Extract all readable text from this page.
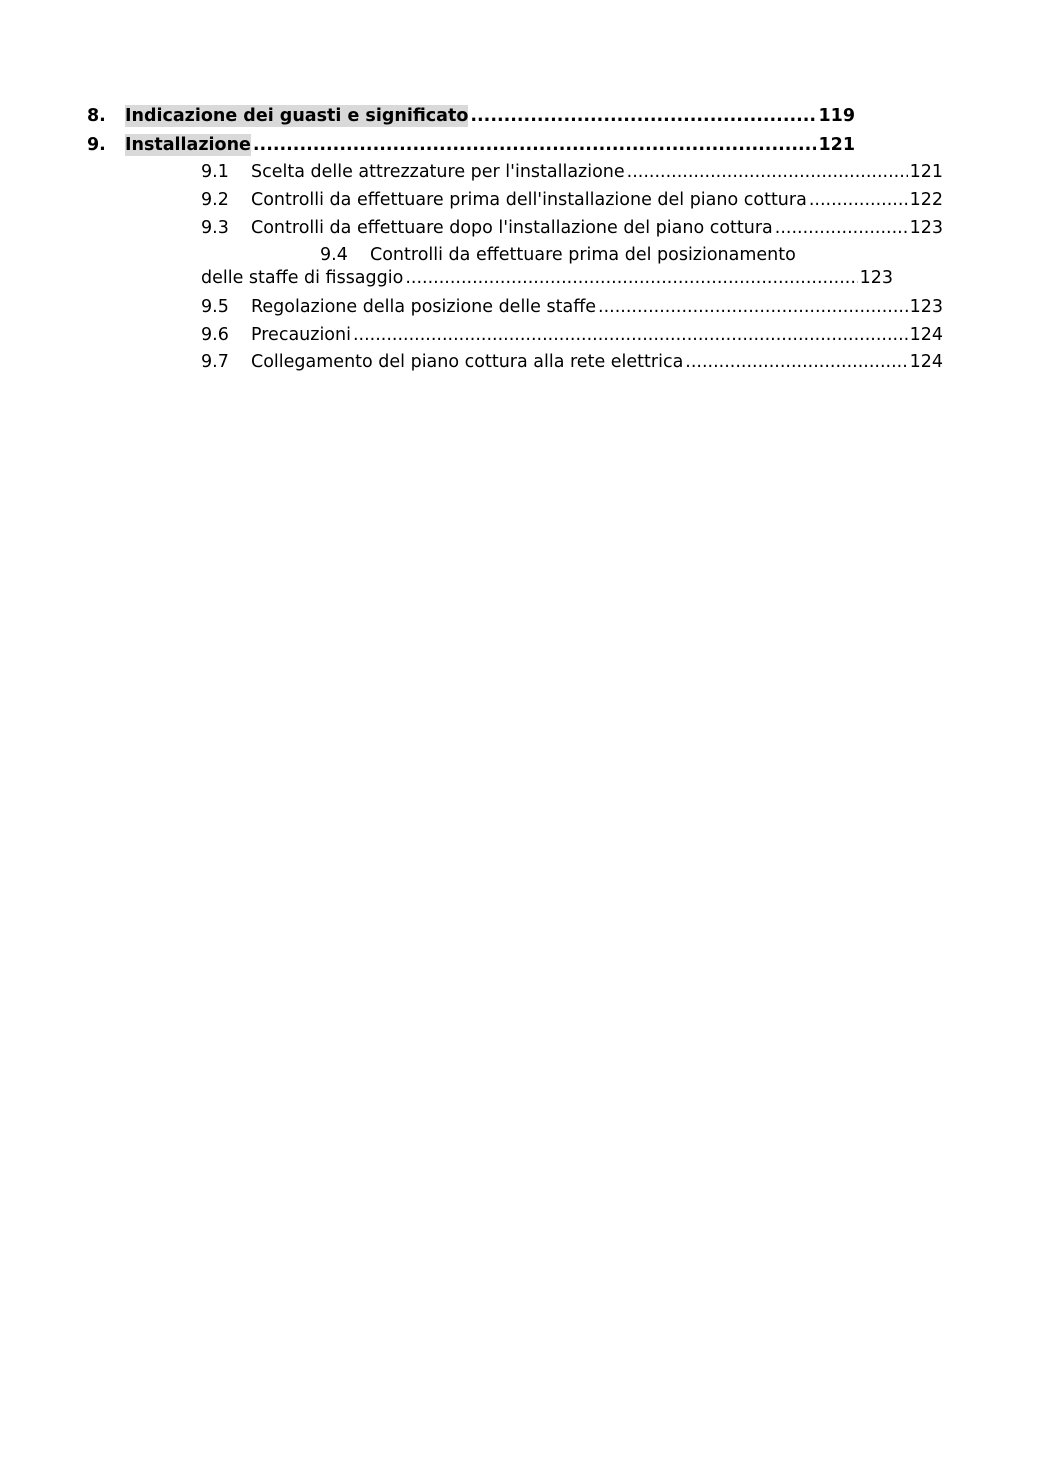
8.	Indicazione dei guasti e significato .....	119
9.	Installazione .....	121
9.1	Scelta delle attrezzature per l'installazione .....	121
9.2	Controlli da effettuare prima dell'installazione del piano cottura .....	122
9.3	Controlli da effettuare dopo l'installazione del piano cottura .....	123
9.4 Controlli da effettuare prima del posizionamento
delle staffe di fissaggio .....	123
9.5	Regolazione della posizione delle staffe .....	123
9.6	Precauzioni .....	124
9.7	Collegamento del piano cottura alla rete elettrica .....	124
